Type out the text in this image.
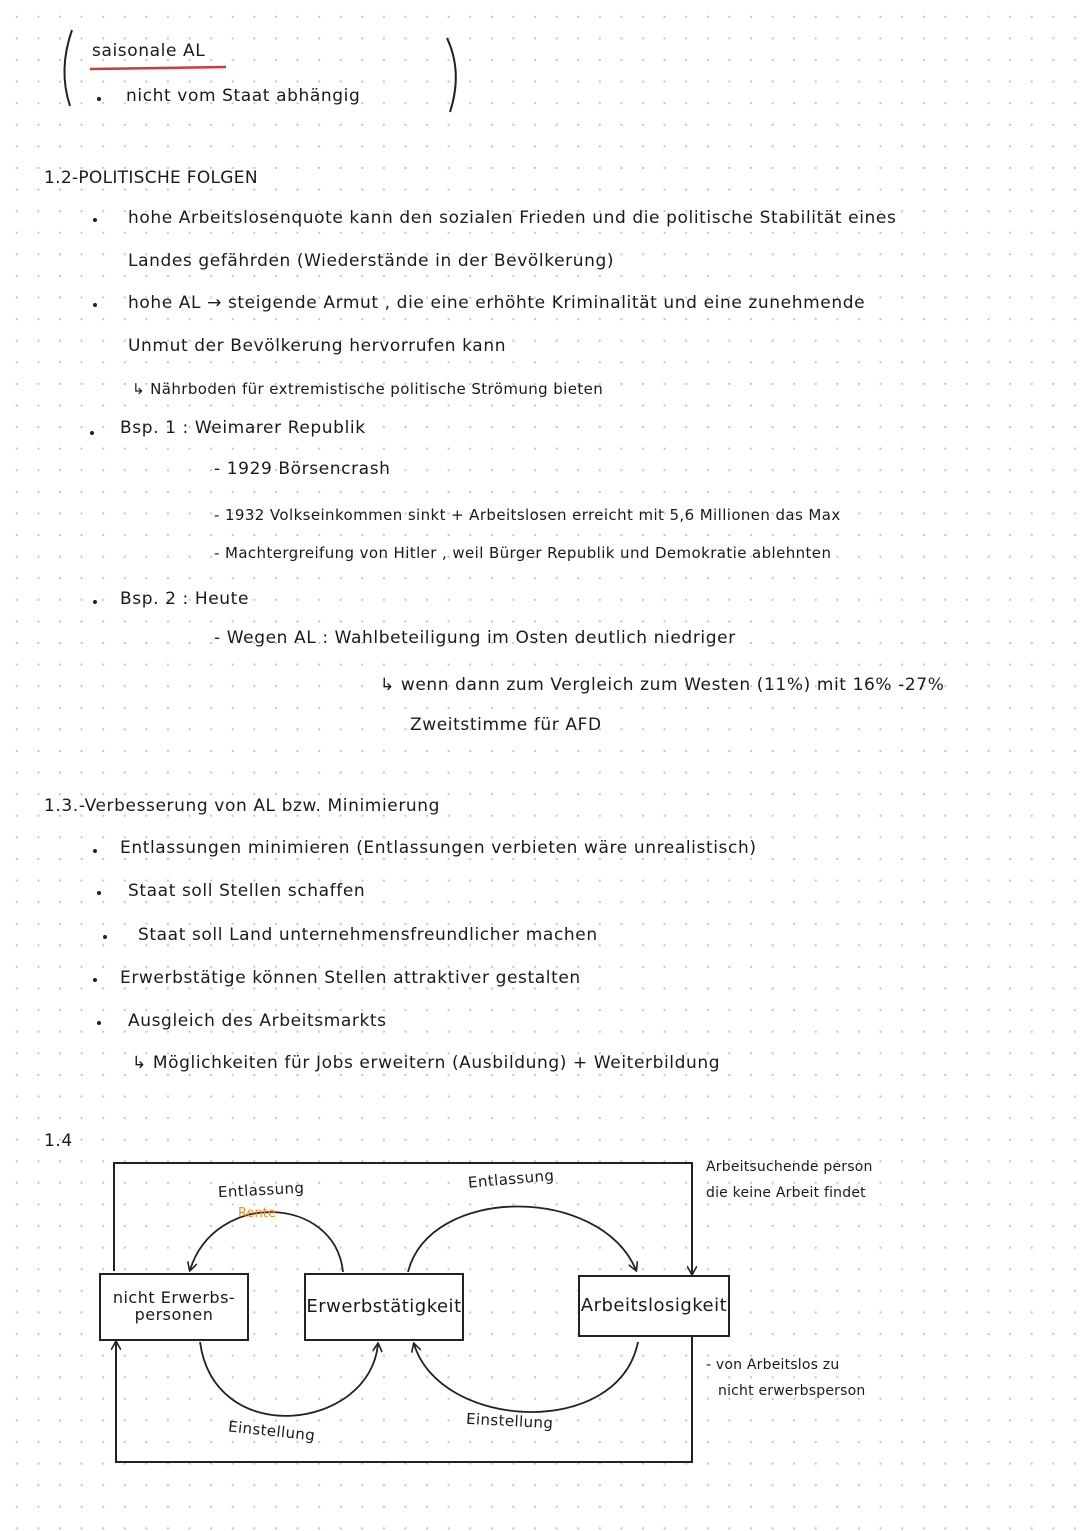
saisonale AL
nicht vom Staat abhängig
1.2-POLITISCHE FOLGEN
hohe Arbeitslosenquote kann den sozialen Frieden und die politische Stabilität eines
Landes gefährden (Wiederstände in der Bevölkerung)
hohe AL → steigende Armut , die eine erhöhte Kriminalität und eine zunehmende
Unmut der Bevölkerung hervorrufen kann
↳ Nährboden für extremistische politische Strömung bieten
Bsp. 1 : Weimarer Republik
- 1929 Börsencrash
- 1932 Volkseinkommen sinkt + Arbeitslosen erreicht mit 5,6 Millionen das Max
- Machtergreifung von Hitler , weil Bürger Republik und Demokratie ablehnten
Bsp. 2 : Heute
- Wegen AL : Wahlbeteiligung im Osten deutlich niedriger
↳ wenn dann zum Vergleich zum Westen (11%) mit 16% -27%
Zweitstimme für AFD
1.3.-Verbesserung von AL bzw. Minimierung
Entlassungen minimieren (Entlassungen verbieten wäre unrealistisch)
Staat soll Stellen schaffen
Staat soll Land unternehmensfreundlicher machen
Erwerbstätige können Stellen attraktiver gestalten
Ausgleich des Arbeitsmarkts
↳ Möglichkeiten für Jobs erweitern (Ausbildung) + Weiterbildung
1.4
nicht Erwerbs-
personen	Erwerbstätigkeit	Arbeitslosigkeit
Entlassung
Rente
Entlassung
Einstellung	Einstellung
Arbeitsuchende person
die keine Arbeit findet
- von Arbeitslos zu
nicht erwerbsperson
